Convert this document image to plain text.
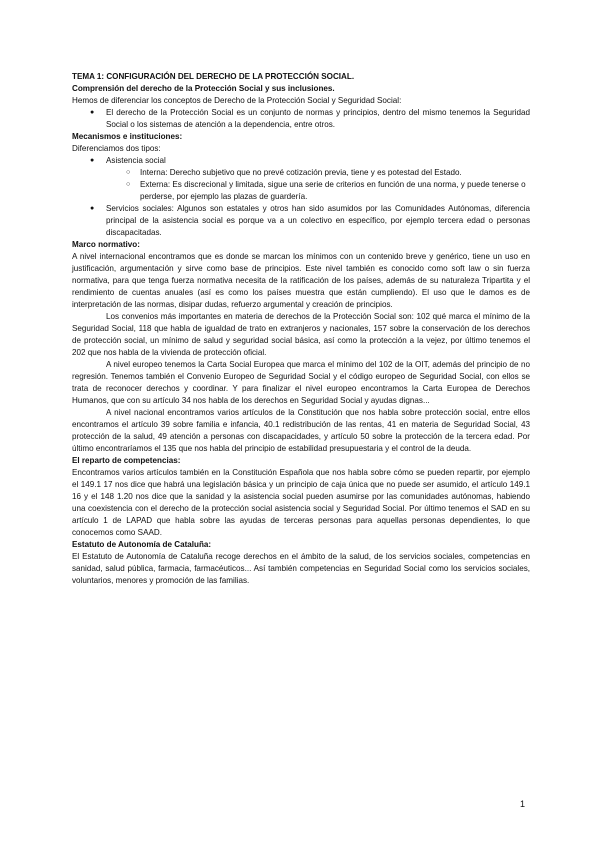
TEMA 1: CONFIGURACIÓN DEL DERECHO DE LA PROTECCIÓN SOCIAL.

Comprensión del derecho de la Protección Social y sus inclusiones.

Hemos de diferenciar los conceptos de Derecho de la Protección Social y Seguridad Social:

● El derecho de la Protección Social es un conjunto de normas y principios, dentro del mismo tenemos la Seguridad Social o los sistemas de atención a la dependencia, entre otros.

Mecanismos e instituciones:

Diferenciamos dos tipos:

● Asistencia social
○ Interna: Derecho subjetivo que no prevé cotización previa, tiene y es potestad del Estado.
○ Externa: Es discrecional y limitada, sigue una serie de criterios en función de una norma, y puede tenerse o perderse, por ejemplo las plazas de guardería.
● Servicios sociales: Algunos son estatales y otros han sido asumidos por las Comunidades Autónomas, diferencia principal de la asistencia social es porque va a un colectivo en específico, por ejemplo tercera edad o personas discapacitadas.

Marco normativo:

A nivel internacional encontramos que es donde se marcan los mínimos con un contenido breve y genérico, tiene un uso en justificación, argumentación y sirve como base de principios. Este nivel también es conocido como soft law o sin fuerza normativa, para que tenga fuerza normativa necesita de la ratificación de los países, además de su naturaleza Tripartita y el rendimiento de cuentas anuales (así es como los países muestra que están cumpliendo). El uso que le damos es de interpretación de las normas, disipar dudas, refuerzo argumental y creación de principios.

Los convenios más importantes en materia de derechos de la Protección Social son: 102 qué marca el mínimo de la Seguridad Social, 118 que habla de igualdad de trato en extranjeros y nacionales, 157 sobre la conservación de los derechos de protección social, un mínimo de salud y seguridad social básica, así como la protección a la vejez, por último tenemos el 202 que nos habla de la vivienda de protección oficial.

A nivel europeo tenemos la Carta Social Europea que marca el mínimo del 102 de la OIT, además del principio de no regresión. Tenemos también el Convenio Europeo de Seguridad Social y el código europeo de Seguridad Social, con ellos se trata de reconocer derechos y coordinar. Y para finalizar el nivel europeo encontramos la Carta Europea de Derechos Humanos, que con su artículo 34 nos habla de los derechos en Seguridad Social y ayudas dignas...

A nivel nacional encontramos varios artículos de la Constitución que nos habla sobre protección social, entre ellos encontramos el artículo 39 sobre familia e infancia, 40.1 redistribución de las rentas, 41 en materia de Seguridad Social, 43 protección de la salud, 49 atención a personas con discapacidades, y artículo 50 sobre la protección de la tercera edad. Por último encontraríamos el 135 que nos habla del principio de estabilidad presupuestaria y el control de la deuda.

El reparto de competencias:

Encontramos varios artículos también en la Constitución Española que nos habla sobre cómo se pueden repartir, por ejemplo el 149.1 17 nos dice que habrá una legislación básica y un principio de caja única que no puede ser asumido, el artículo 149.1 16 y el 148 1.20 nos dice que la sanidad y la asistencia social pueden asumirse por las comunidades autónomas, habiendo una coexistencia con el derecho de la protección social asistencia social y Seguridad Social. Por último tenemos el SAD en su artículo 1 de LAPAD que habla sobre las ayudas de terceras personas para aquellas personas dependientes, lo que conocemos como SAAD.

Estatuto de Autonomía de Cataluña:

El Estatuto de Autonomía de Cataluña recoge derechos en el ámbito de la salud, de los servicios sociales, competencias en sanidad, salud pública, farmacia, farmacéuticos... Así también competencias en Seguridad Social como los servicios sociales, voluntarios, menores y promoción de las familias.

1
